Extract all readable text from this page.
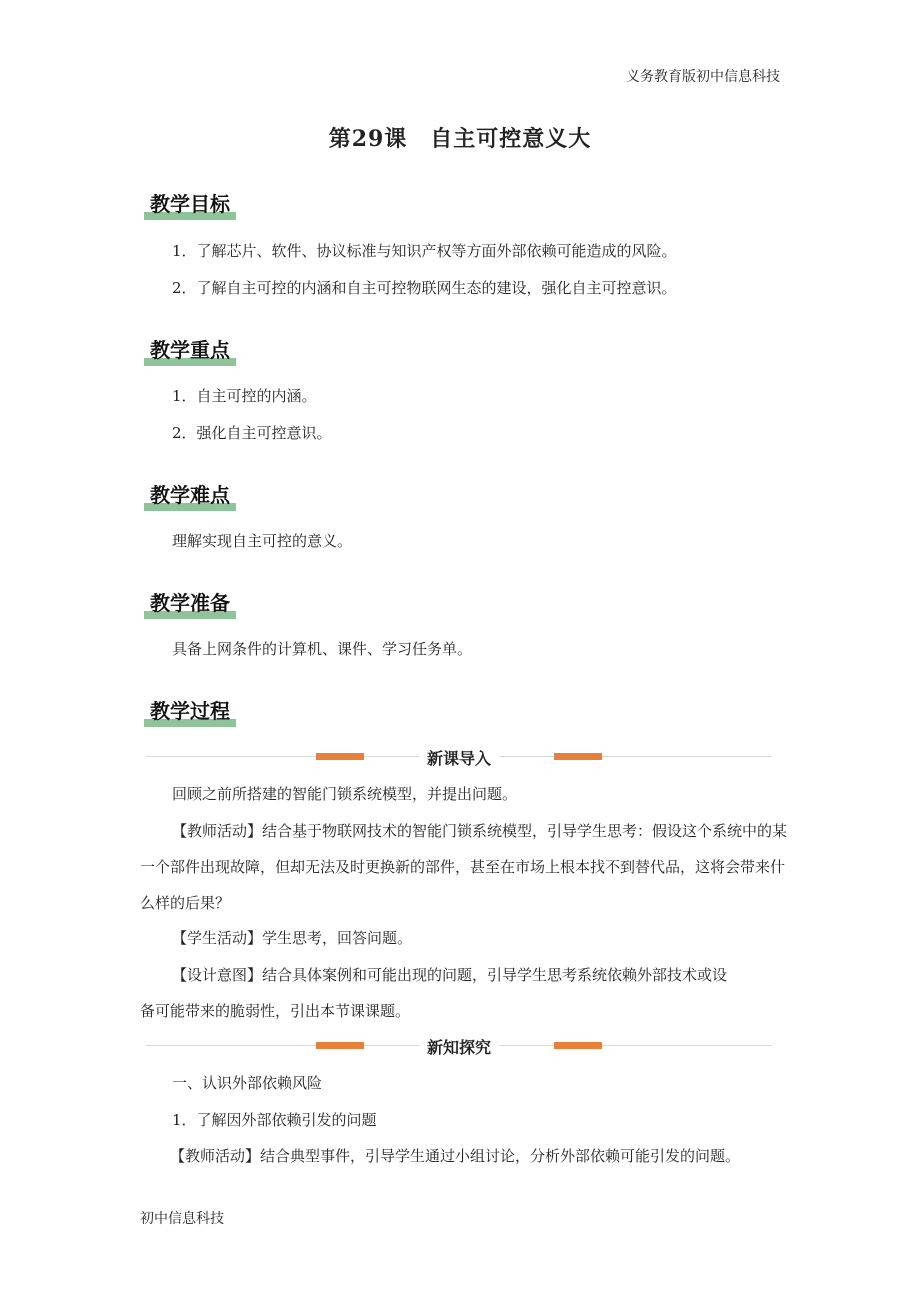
义务教育版初中信息科技
第29课　自主可控意义大
教学目标
1．了解芯片、软件、协议标准与知识产权等方面外部依赖可能造成的风险。
2．了解自主可控的内涵和自主可控物联网生态的建设，强化自主可控意识。
教学重点
1．自主可控的内涵。
2．强化自主可控意识。
教学难点
理解实现自主可控的意义。
教学准备
具备上网条件的计算机、课件、学习任务单。
教学过程
新课导入
回顾之前所搭建的智能门锁系统模型，并提出问题。
【教师活动】结合基于物联网技术的智能门锁系统模型，引导学生思考：假设这个系统中的某一个部件出现故障，但却无法及时更换新的部件，甚至在市场上根本找不到替代品，这将会带来什么样的后果？
【学生活动】学生思考，回答问题。
【设计意图】结合具体案例和可能出现的问题，引导学生思考系统依赖外部技术或设
备可能带来的脆弱性，引出本节课课题。
新知探究
一、认识外部依赖风险
1．了解因外部依赖引发的问题
【教师活动】结合典型事件，引导学生通过小组讨论，分析外部依赖可能引发的问题。
初中信息科技
